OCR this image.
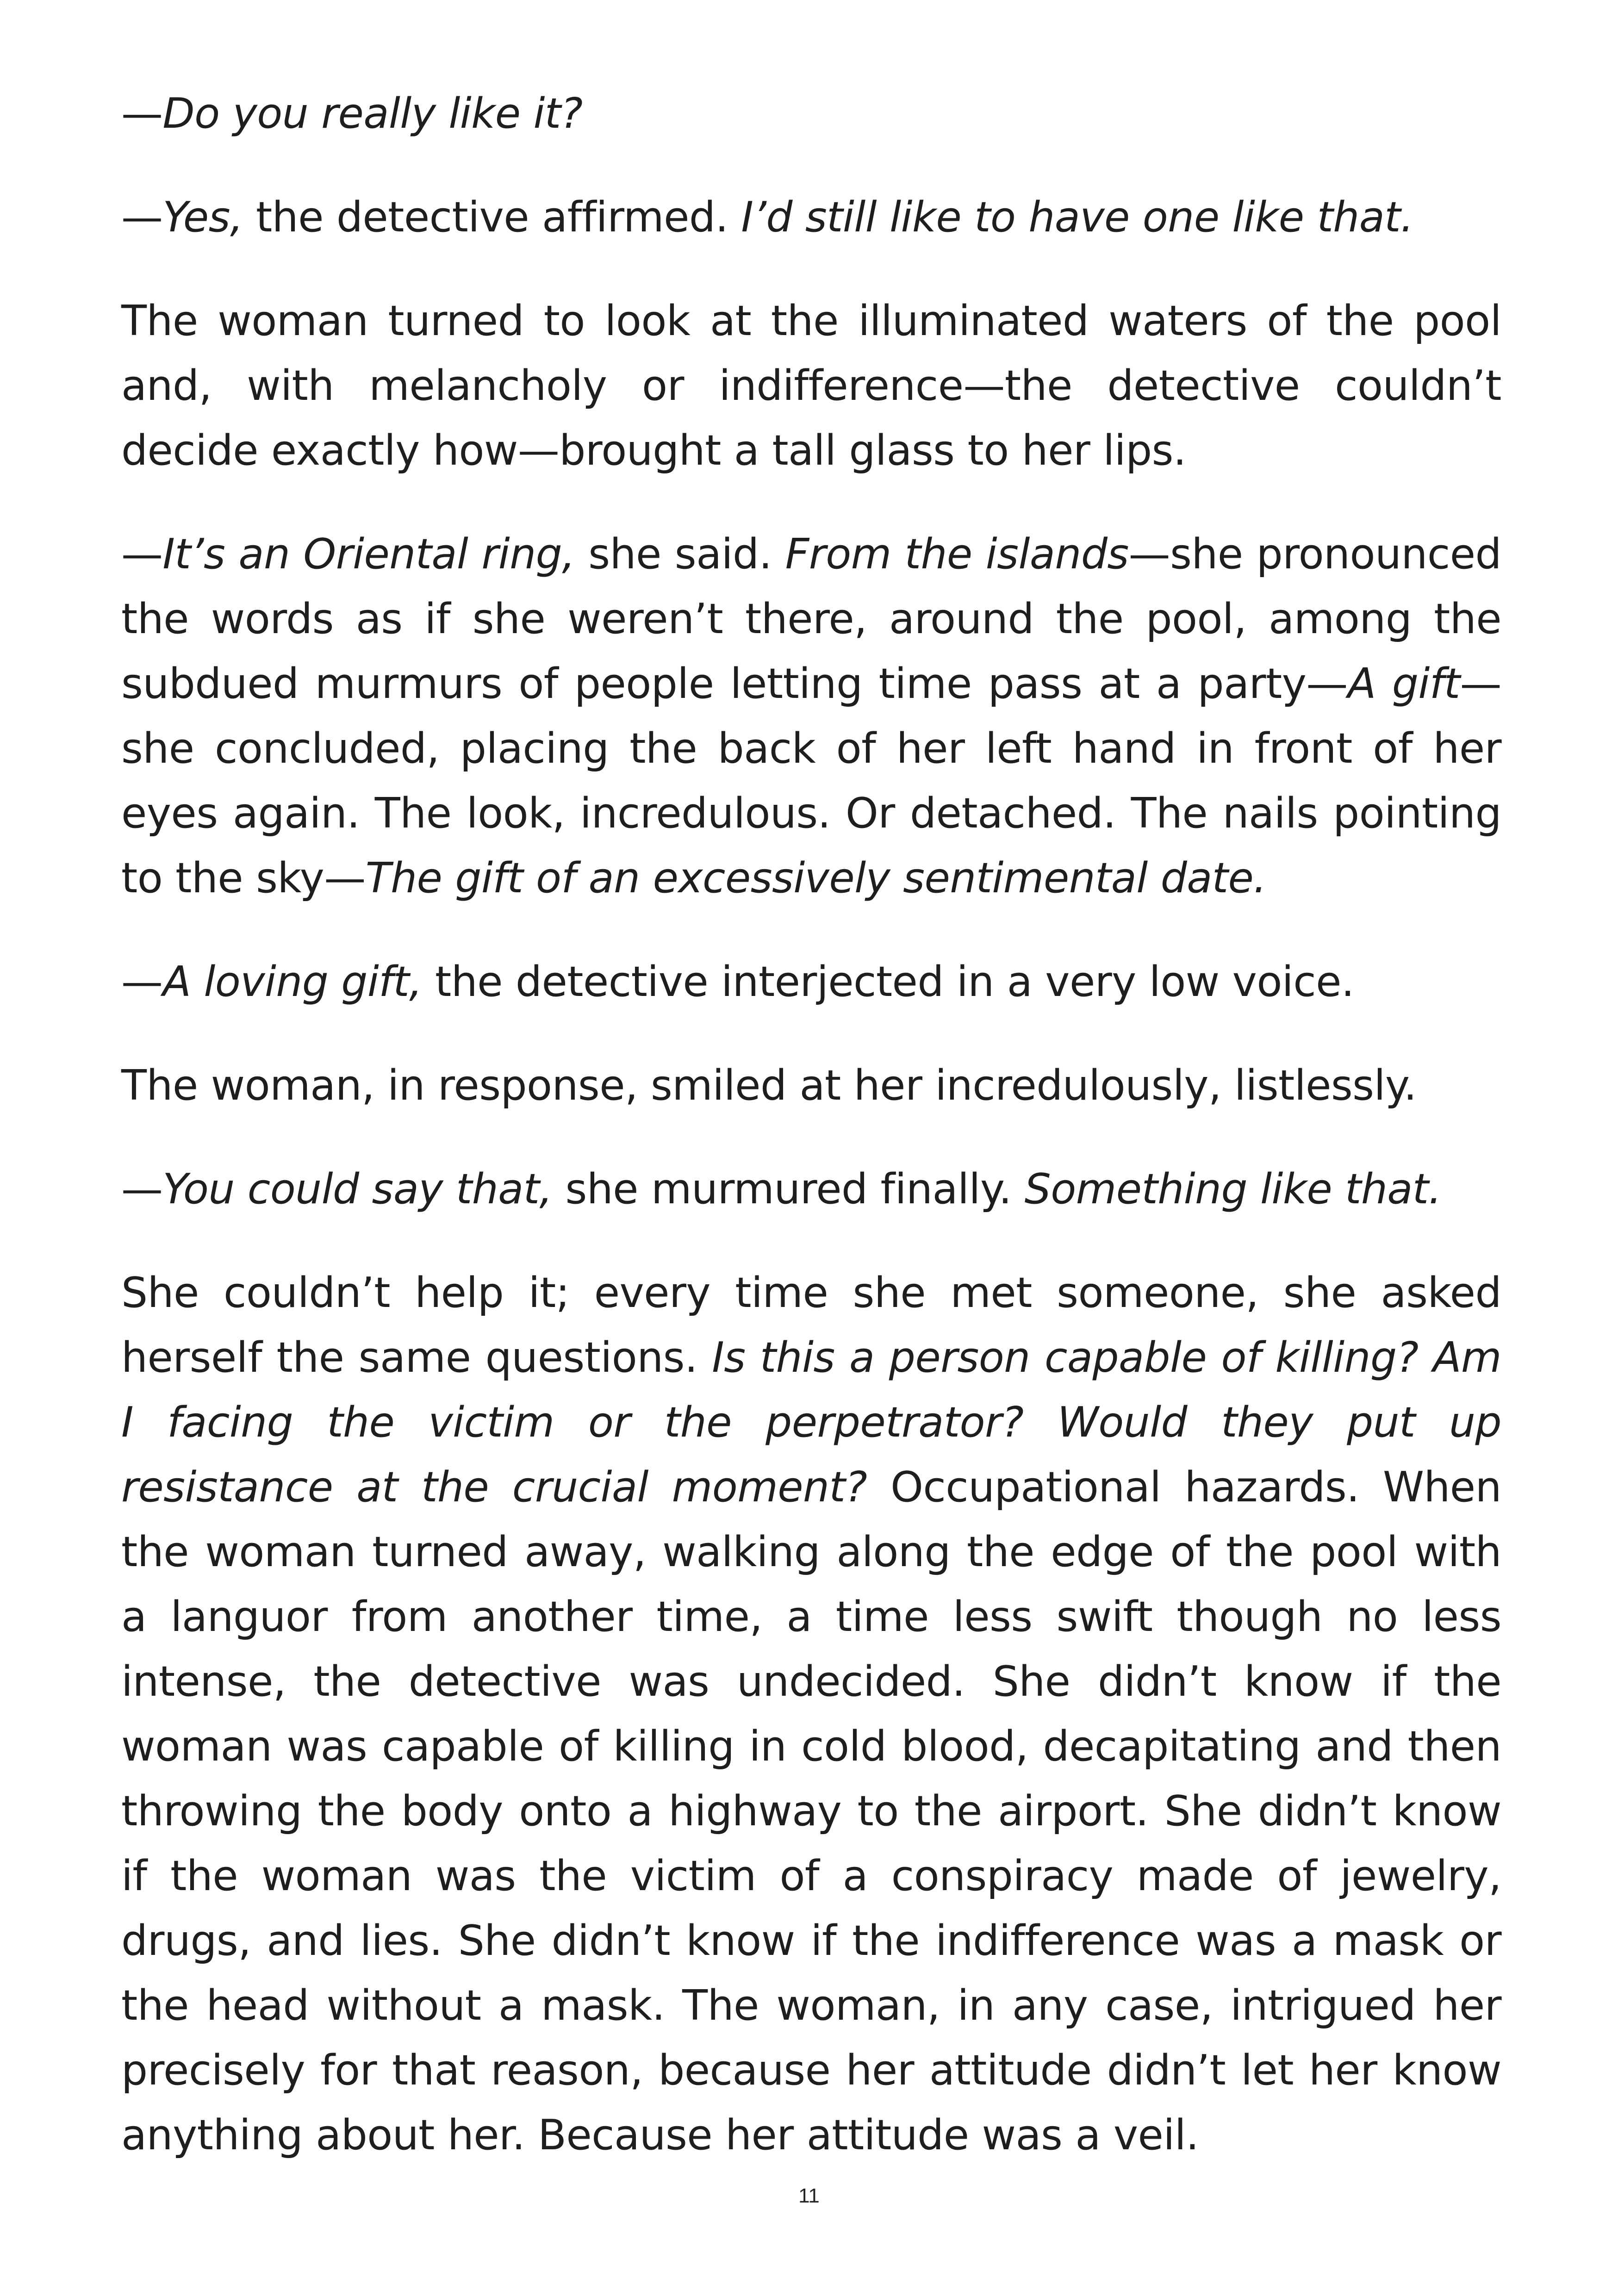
—Do you really like it?

—Yes, the detective affirmed. I’d still like to have one like that.

The woman turned to look at the illuminated waters of the pool and, with melancholy or indifference—the detective couldn’t decide exactly how—brought a tall glass to her lips.

—It’s an Oriental ring, she said. From the islands—she pronounced the words as if she weren’t there, around the pool, among the subdued murmurs of people letting time pass at a party—A gift—she concluded, placing the back of her left hand in front of her eyes again. The look, incredulous. Or detached. The nails pointing to the sky—The gift of an excessively sentimental date.

—A loving gift, the detective interjected in a very low voice.

The woman, in response, smiled at her incredulously, listlessly.

—You could say that, she murmured finally. Something like that.

She couldn’t help it; every time she met someone, she asked herself the same questions. Is this a person capable of killing? Am I facing the victim or the perpetrator? Would they put up resistance at the crucial moment? Occupational hazards. When the woman turned away, walking along the edge of the pool with a languor from another time, a time less swift though no less intense, the detective was undecided. She didn’t know if the woman was capable of killing in cold blood, decapitating and then throwing the body onto a highway to the airport. She didn’t know if the woman was the victim of a conspiracy made of jewelry, drugs, and lies. She didn’t know if the indifference was a mask or the head without a mask. The woman, in any case, intrigued her precisely for that reason, because her attitude didn’t let her know anything about her. Because her attitude was a veil.

11
